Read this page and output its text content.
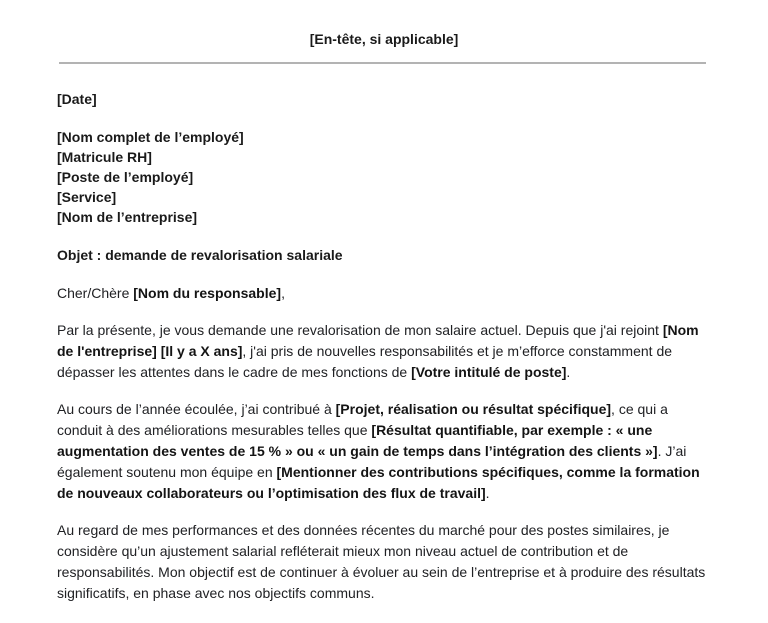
[En-tête, si applicable]

[Date]

[Nom complet de l’employé]
[Matricule RH]
[Poste de l’employé]
[Service]
[Nom de l’entreprise]

Objet : demande de revalorisation salariale

Cher/Chère [Nom du responsable],

Par la présente, je vous demande une revalorisation de mon salaire actuel. Depuis que j'ai rejoint [Nom de l'entreprise] [Il y a X ans], j'ai pris de nouvelles responsabilités et je m’efforce constamment de dépasser les attentes dans le cadre de mes fonctions de [Votre intitulé de poste].

Au cours de l’année écoulée, j’ai contribué à [Projet, réalisation ou résultat spécifique], ce qui a conduit à des améliorations mesurables telles que [Résultat quantifiable, par exemple : « une augmentation des ventes de 15 % » ou « un gain de temps dans l’intégration des clients »]. J’ai également soutenu mon équipe en [Mentionner des contributions spécifiques, comme la formation de nouveaux collaborateurs ou l’optimisation des flux de travail].

Au regard de mes performances et des données récentes du marché pour des postes similaires, je considère qu’un ajustement salarial refléterait mieux mon niveau actuel de contribution et de responsabilités. Mon objectif est de continuer à évoluer au sein de l’entreprise et à produire des résultats significatifs, en phase avec nos objectifs communs.
